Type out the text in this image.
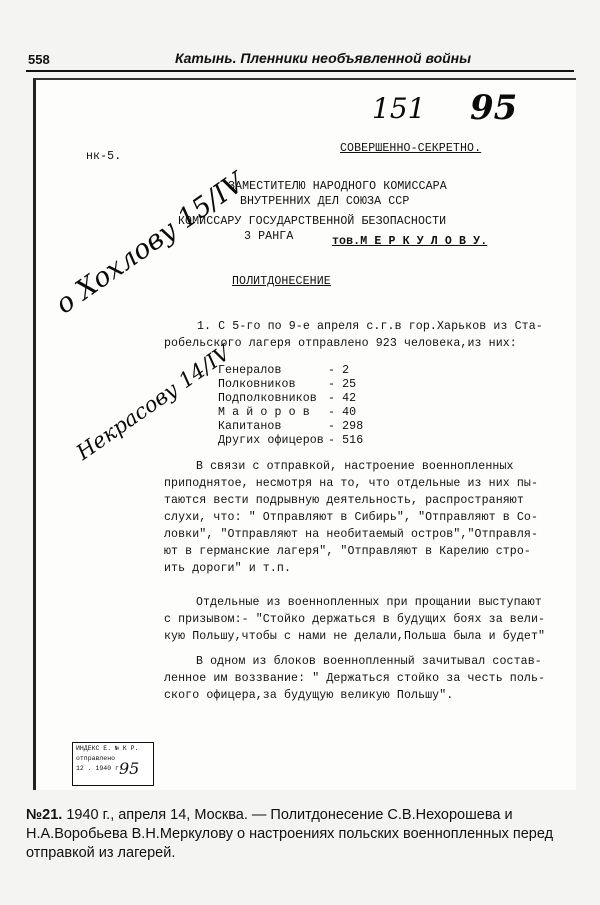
558	Катынь. Пленники необъявленной войны
151 95
нк-5.
СОВЕРШЕННО-СЕКРЕТНО.
ЗАМЕСТИТЕЛЮ НАРОДНОГО КОМИССАРА
ВНУТРЕННИХ ДЕЛ СОЮЗА ССР
КОМИССАРУ ГОСУДАРСТВЕННОЙ БЕЗОПАСНОСТИ
3 РАНГА	тов.М Е Р К У Л О В У.
ПОЛИТДОНЕСЕНИЕ
1. С 5-го по 9-е апреля с.г.в гор.Харьков из Ста-
робельского лагеря отправлено 923 человека,из них:
Генералов	- 2
Полковников	- 25
Подполковников - 42
М а й о р о в - 40
Капитанов	- 298
Других офицеров - 516
В связи с отправкой, настроение военнопленных
приподнятое, несмотря на то, что отдельные из них пы-
таются вести подрывную деятельность, распространяют
слухи, что: " Отправляют в Сибирь", "Отправляют в Со-
ловки", "Отправляют на необитаемый остров","Отправля-
ют в германские лагеря", "Отправляют в Карелию стро-
ить дороги" и т.п.
Отдельные из военнопленных при прощании выступают
с призывом:- "Стойко держаться в будущих боях за вели-
кую Польшу,чтобы с нами не делали,Польша была и будет"
В одном из блоков военнопленный зачитывал состав-
ленное им воззвание: " Держаться стойко за честь поль-
ского офицера,за будущую великую Польшу".
о Хохлову 15/IV
Некрасову 14/IV
ИНДЕКС Е. № К Р.
отправлено
12 . 1940 г.
95
№21. 1940 г., апреля 14, Москва. — Политдонесение С.В.Нехорошева и Н.А.Воробьева В.Н.Меркулову о настроениях польских военнопленных перед отправкой из лагерей.
